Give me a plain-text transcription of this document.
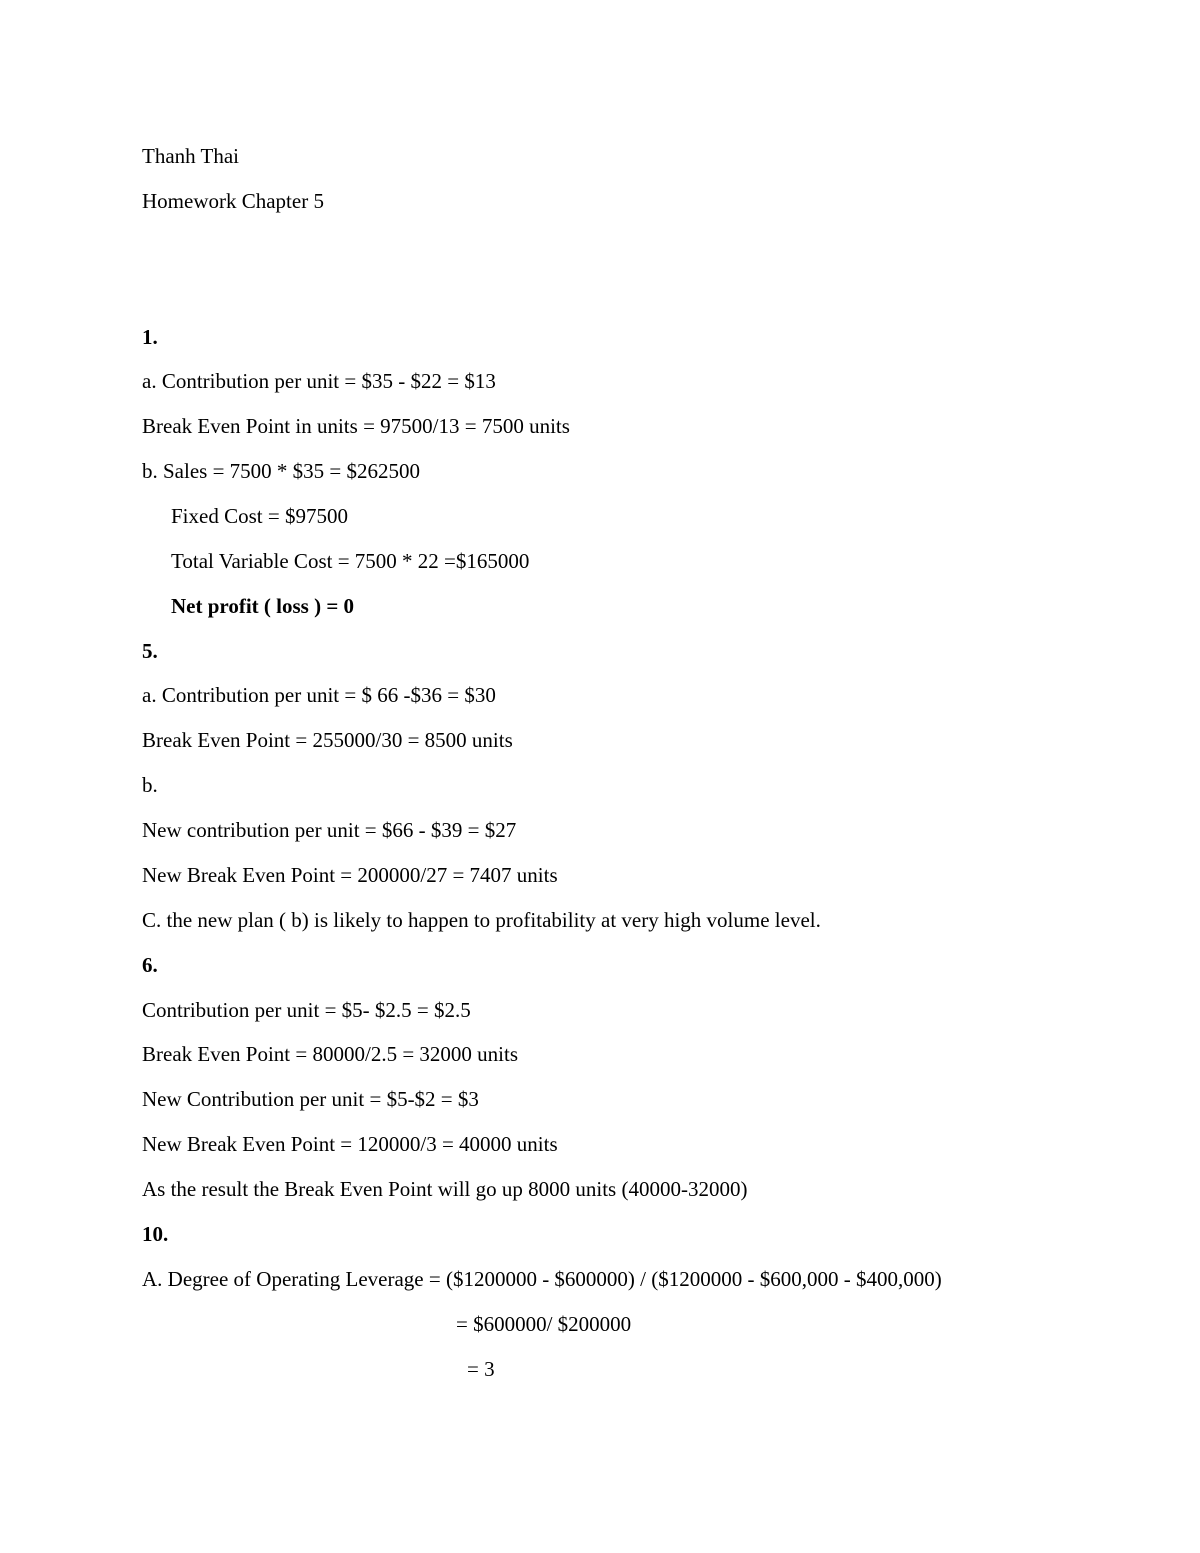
Thanh Thai
Homework Chapter 5
1.
a. Contribution per unit = $35 - $22 = $13
Break Even Point in units = 97500/13 = 7500 units
b. Sales = 7500 * $35 = $262500
Fixed Cost = $97500
Total Variable Cost = 7500 * 22 =$165000
Net profit ( loss ) = 0
5.
a. Contribution per unit = $ 66 -$36 = $30
Break Even Point = 255000/30 = 8500 units
b.
New contribution per unit = $66 - $39 = $27
New Break Even Point = 200000/27 = 7407 units
C. the new plan ( b) is likely to happen to profitability at very high volume level.
6.
Contribution per unit = $5- $2.5 = $2.5
Break Even Point = 80000/2.5 = 32000 units
New Contribution per unit = $5-$2 = $3
New Break Even Point = 120000/3 = 40000 units
As the result the Break Even Point will go up 8000 units (40000-32000)
10.
A. Degree of Operating Leverage = ($1200000 - $600000) / ($1200000 - $600,000 - $400,000)
= $600000/ $200000
= 3
